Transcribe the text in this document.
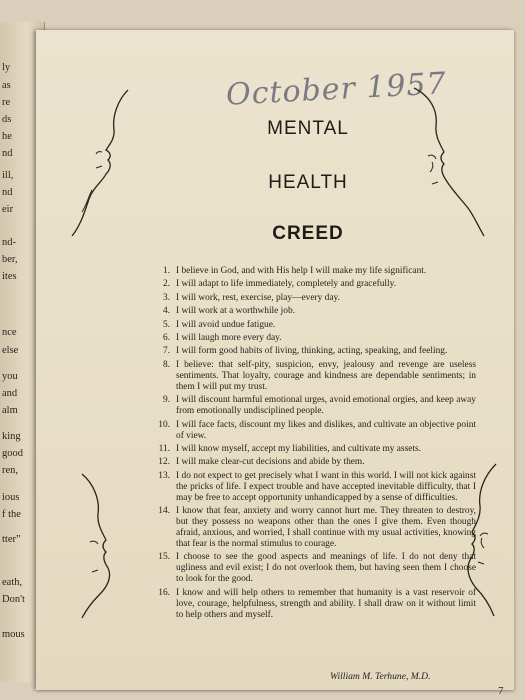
ly
as
re
ds
he
nd
ill,
nd
eir
nd-
ber,
ites
nce
else
you
and
alm
king
good
ren,
ious
f the
tter”
eath,
Don't
mous
October 1957
MENTAL
HEALTH
CREED
1. I believe in God, and with His help I will make my life significant.
2. I will adapt to life immediately, completely and gracefully.
3. I will work, rest, exercise, play—every day.
4. I will work at a worthwhile job.
5. I will avoid undue fatigue.
6. I will laugh more every day.
7. I will form good habits of living, thinking, acting, speaking, and feeling.
8. I believe: that self-pity, suspicion, envy, jealousy and revenge are useless sentiments. That loyalty, courage and kindness are dependable sentiments; in them I will put my trust.
9. I will discount harmful emotional urges, avoid emotional orgies, and keep away from emotionally undisciplined people.
10. I will face facts, discount my likes and dislikes, and cultivate an objective point of view.
11. I will know myself, accept my liabilities, and cultivate my assets.
12. I will make clear-cut decisions and abide by them.
13. I do not expect to get precisely what I want in this world. I will not kick against the pricks of life. I expect trouble and have accepted inevitable difficulty, that I may be free to accept opportunity unhandicapped by a sense of difficulties.
14. I know that fear, anxiety and worry cannot hurt me. They threaten to destroy, but they possess no weapons other than the ones I give them. Even though afraid, anxious, and worried, I shall continue with my usual activities, knowing that fear is the normal stimulus to courage.
15. I choose to see the good aspects and meanings of life. I do not deny that ugliness and evil exist; I do not overlook them, but having seen them I choose to look for the good.
16. I know and will help others to remember that humanity is a vast reservoir of love, courage, helpfulness, strength and ability. I shall draw on it without limit to help others and myself.
William M. Terhune, M.D.
7
